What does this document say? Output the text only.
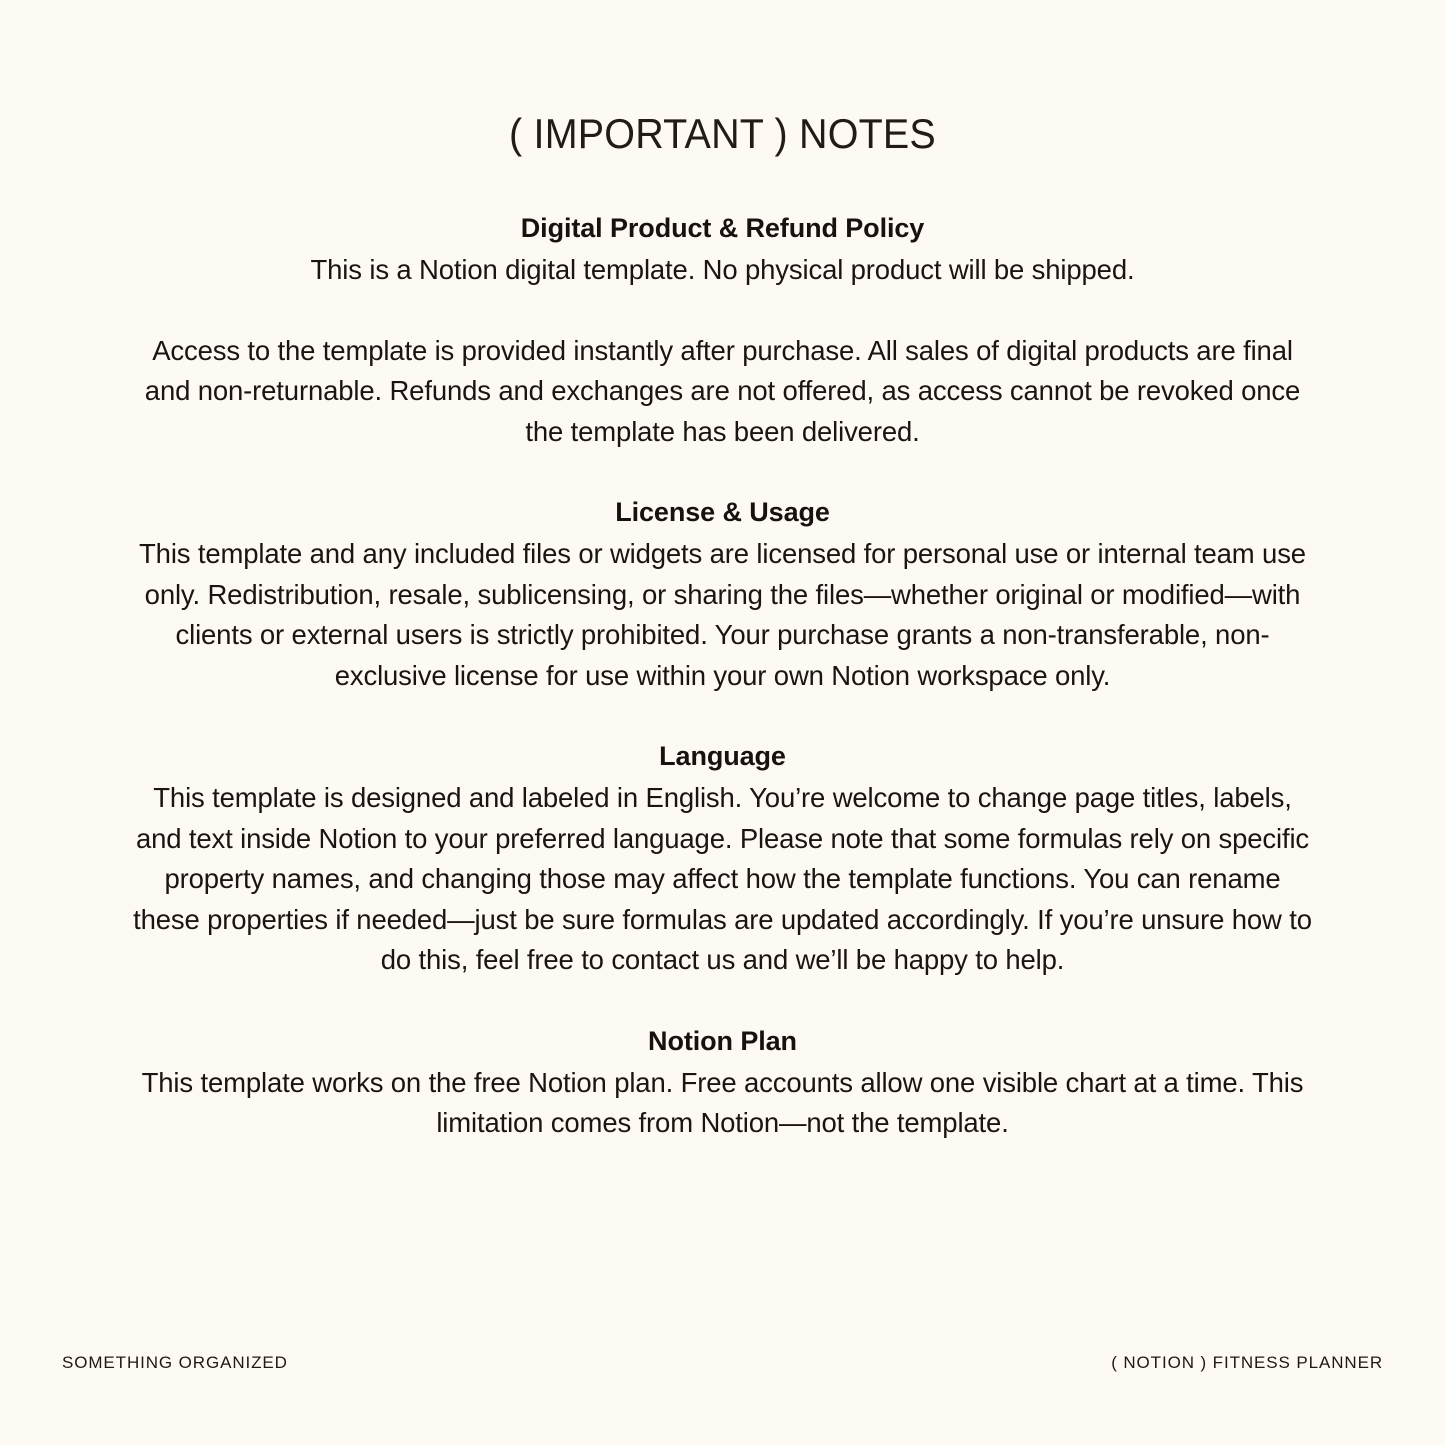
( IMPORTANT ) NOTES
Digital Product & Refund Policy

This is a Notion digital template. No physical product will be shipped.

Access to the template is provided instantly after purchase. All sales of digital products are final and non-returnable. Refunds and exchanges are not offered, as access cannot be revoked once the template has been delivered.

License & Usage

This template and any included files or widgets are licensed for personal use or internal team use only. Redistribution, resale, sublicensing, or sharing the files—whether original or modified—with clients or external users is strictly prohibited. Your purchase grants a non-transferable, non-exclusive license for use within your own Notion workspace only.

Language

This template is designed and labeled in English. You’re welcome to change page titles, labels, and text inside Notion to your preferred language. Please note that some formulas rely on specific property names, and changing those may affect how the template functions. You can rename these properties if needed—just be sure formulas are updated accordingly. If you’re unsure how to do this, feel free to contact us and we’ll be happy to help.

Notion Plan

This template works on the free Notion plan. Free accounts allow one visible chart at a time. This limitation comes from Notion—not the template.

SOMETHING ORGANIZED	( NOTION ) FITNESS PLANNER
